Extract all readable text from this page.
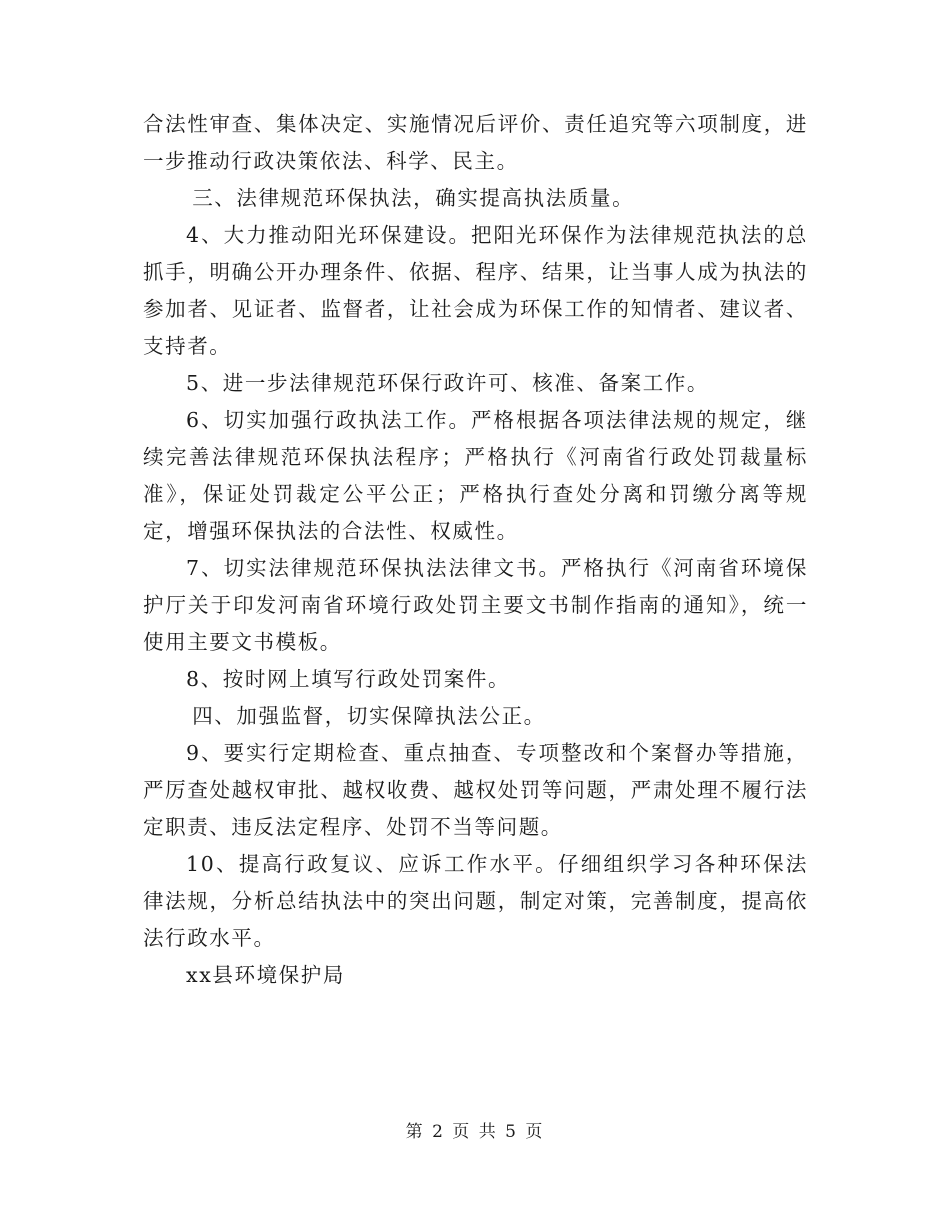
合法性审查、集体决定、实施情况后评价、责任追究等六项制度，进一步推动行政决策依法、科学、民主。

三、法律规范环保执法，确实提高执法质量。

4、大力推动阳光环保建设。把阳光环保作为法律规范执法的总抓手，明确公开办理条件、依据、程序、结果，让当事人成为执法的参加者、见证者、监督者，让社会成为环保工作的知情者、建议者、支持者。

5、进一步法律规范环保行政许可、核准、备案工作。

6、切实加强行政执法工作。严格根据各项法律法规的规定，继续完善法律规范环保执法程序；严格执行《河南省行政处罚裁量标准》，保证处罚裁定公平公正；严格执行查处分离和罚缴分离等规定，增强环保执法的合法性、权威性。

7、切实法律规范环保执法法律文书。严格执行《河南省环境保护厅关于印发河南省环境行政处罚主要文书制作指南的通知》，统一使用主要文书模板。

8、按时网上填写行政处罚案件。

四、加强监督，切实保障执法公正。

9、要实行定期检查、重点抽查、专项整改和个案督办等措施，严厉查处越权审批、越权收费、越权处罚等问题，严肃处理不履行法定职责、违反法定程序、处罚不当等问题。

10、提高行政复议、应诉工作水平。仔细组织学习各种环保法律法规，分析总结执法中的突出问题，制定对策，完善制度，提高依法行政水平。

xx县环境保护局

第 2 页 共 5 页
